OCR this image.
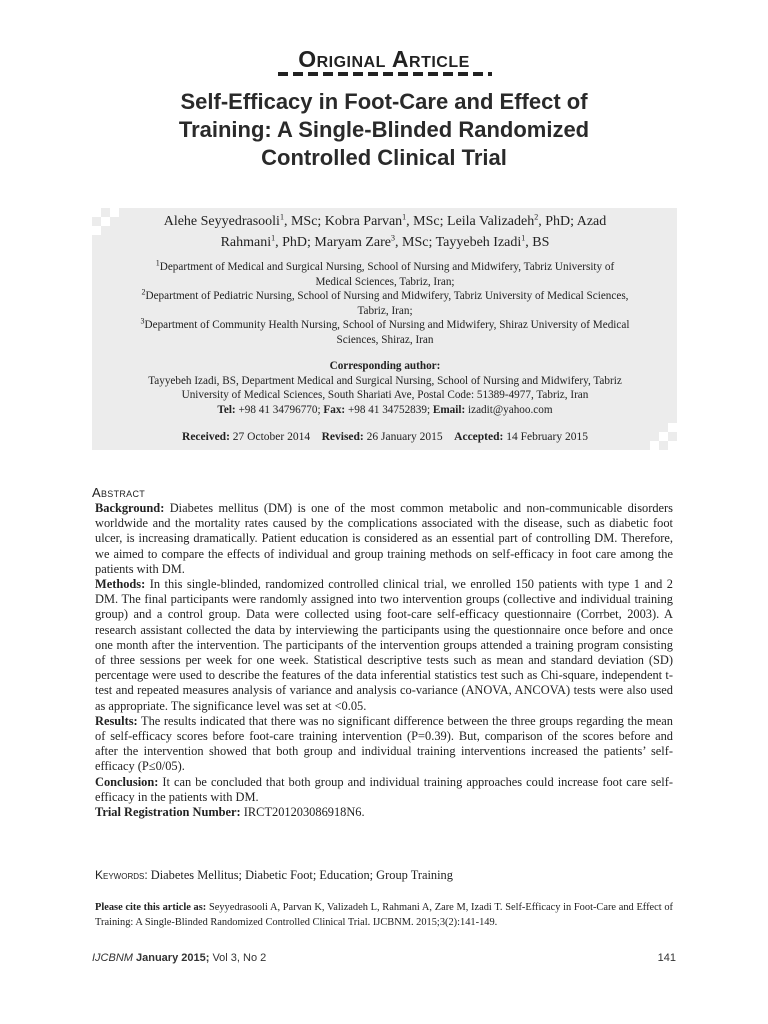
Original Article
Self-Efficacy in Foot-Care and Effect of
Training: A Single-Blinded Randomized
Controlled Clinical Trial
Alehe Seyyedrasooli$^1$, MSc; Kobra Parvan$^1$, MSc; Leila Valizadeh$^2$, PhD; Azad
Rahmani$^1$, PhD; Maryam Zare$^3$, MSc; Tayyebeh Izadi$^1$, BS
$^1$Department of Medical and Surgical Nursing, School of Nursing and Midwifery, Tabriz University of
Medical Sciences, Tabriz, Iran;
$^2$Department of Pediatric Nursing, School of Nursing and Midwifery, Tabriz University of Medical Sciences,
Tabriz, Iran;
$^3$Department of Community Health Nursing, School of Nursing and Midwifery, Shiraz University of Medical
Sciences, Shiraz, Iran
Corresponding author:
Tayyebeh Izadi, BS, Department Medical and Surgical Nursing, School of Nursing and Midwifery, Tabriz
University of Medical Sciences, South Shariati Ave, Postal Code: 51389-4977, Tabriz, Iran
Tel: +98 41 34796770; Fax: +98 41 34752839; Email: izadit@yahoo.com
Received: 27 October 2014 Revised: 26 January 2015 Accepted: 14 February 2015
Abstract

Background: Diabetes mellitus (DM) is one of the most common metabolic and non-communicable disorders worldwide and the mortality rates caused by the complications associated with the disease, such as diabetic foot ulcer, is increasing dramatically. Patient education is considered as an essential part of controlling DM. Therefore, we aimed to compare the effects of individual and group training methods on self-efficacy in foot care among the patients with DM.

Methods: In this single-blinded, randomized controlled clinical trial, we enrolled 150 patients with type 1 and 2 DM. The final participants were randomly assigned into two intervention groups (collective and individual training group) and a control group. Data were collected using foot-care self-efficacy questionnaire (Corrbet, 2003). A research assistant collected the data by interviewing the participants using the questionnaire once before and once one month after the intervention. The participants of the intervention groups attended a training program consisting of three sessions per week for one week. Statistical descriptive tests such as mean and standard deviation (SD) percentage were used to describe the features of the data inferential statistics test such as Chi-square, independent t-test and repeated measures analysis of variance and analysis co-variance (ANOVA, ANCOVA) tests were also used as appropriate. The significance level was set at <0.05.

Results: The results indicated that there was no significant difference between the three groups regarding the mean of self-efficacy scores before foot-care training intervention (P=0.39). But, comparison of the scores before and after the intervention showed that both group and individual training interventions increased the patients’ self-efficacy (P≤0/05).

Conclusion: It can be concluded that both group and individual training approaches could increase foot care self-efficacy in the patients with DM.

Trial Registration Number: IRCT201203086918N6.

Keywords: Diabetes Mellitus; Diabetic Foot; Education; Group Training
Please cite this article as: Seyyedrasooli A, Parvan K, Valizadeh L, Rahmani A, Zare M, Izadi T. Self-Efficacy in Foot-Care and Effect of Training: A Single-Blinded Randomized Controlled Clinical Trial. IJCBNM. 2015;3(2):141-149.
IJCBNM January 2015; Vol 3, No 2	141
